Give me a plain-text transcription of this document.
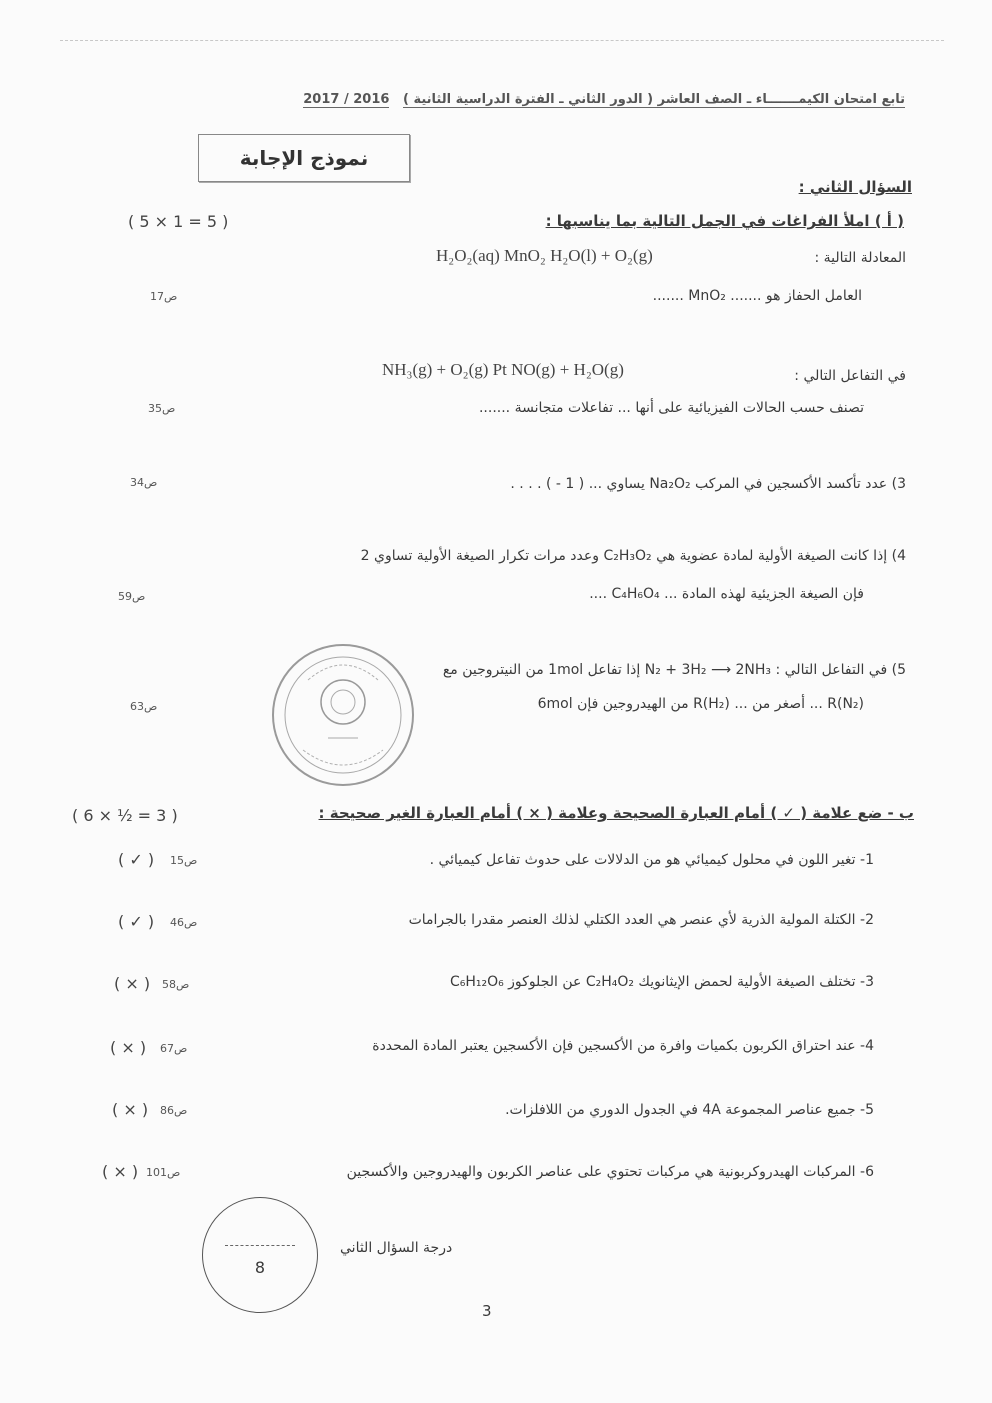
تابع امتحان الكيمـــــــاء ـ الصف العاشر ( الدور الثاني ـ الفترة الدراسية الثانية )   2016 / 2017
نموذج الإجابة
السؤال الثاني :
( أ ) املأ الفراغات في الجمل التالية بما يناسبها :
( 5 × 1 = 5 )
المعادلة التالية :
H₂O₂(aq) MnO₂ H₂O(l) + O₂(g)
العامل الحفاز هو ....... MnO₂ .......
ص17
في التفاعل التالي :
NH₃(g) + O₂(g) Pt NO(g) + H₂O(g)
تصنف حسب الحالات الفيزيائية على أنها ... تفاعلات متجانسة .......
ص35
3) عدد تأكسد الأكسجين في المركب Na₂O₂ يساوي ... ( 1 - ) . . . .
ص34
4) إذا كانت الصيغة الأولية لمادة عضوية هي C₂H₃O₂ وعدد مرات تكرار الصيغة الأولية تساوي 2
فإن الصيغة الجزيئية لهذه المادة ... C₄H₆O₄ ....
ص59
5) في التفاعل التالي : N₂ + 3H₂ ⟶ 2NH₃ إذا تفاعل 1mol من النيتروجين مع
6mol من الهيدروجين فإن R(H₂) ... أصغر من ... R(N₂)
ص63
ب - ضع علامة ( ✓ ) أمام العبارة الصحيحة وعلامة ( × ) أمام العبارة الغير صحيحة :
( 6 × ½ = 3 )
1- تغير اللون في محلول كيميائي هو من الدلالات على حدوث تفاعل كيميائي .
ص15
( ✓ )
2- الكتلة المولية الذرية لأي عنصر هي العدد الكتلي لذلك العنصر مقدرا بالجرامات
ص46
( ✓ )
3- تختلف الصيغة الأولية لحمض الإيثانويك C₂H₄O₂ عن الجلوكوز C₆H₁₂O₆
ص58
( × )
4- عند احتراق الكربون بكميات وافرة من الأكسجين فإن الأكسجين يعتبر المادة المحددة
ص67
( × )
5- جميع عناصر المجموعة 4A في الجدول الدوري من اللافلزات.
ص86
( × )
6- المركبات الهيدروكربونية هي مركبات تحتوي على عناصر الكربون والهيدروجين والأكسجين
ص101
( × )
8
درجة السؤال الثاني
3
